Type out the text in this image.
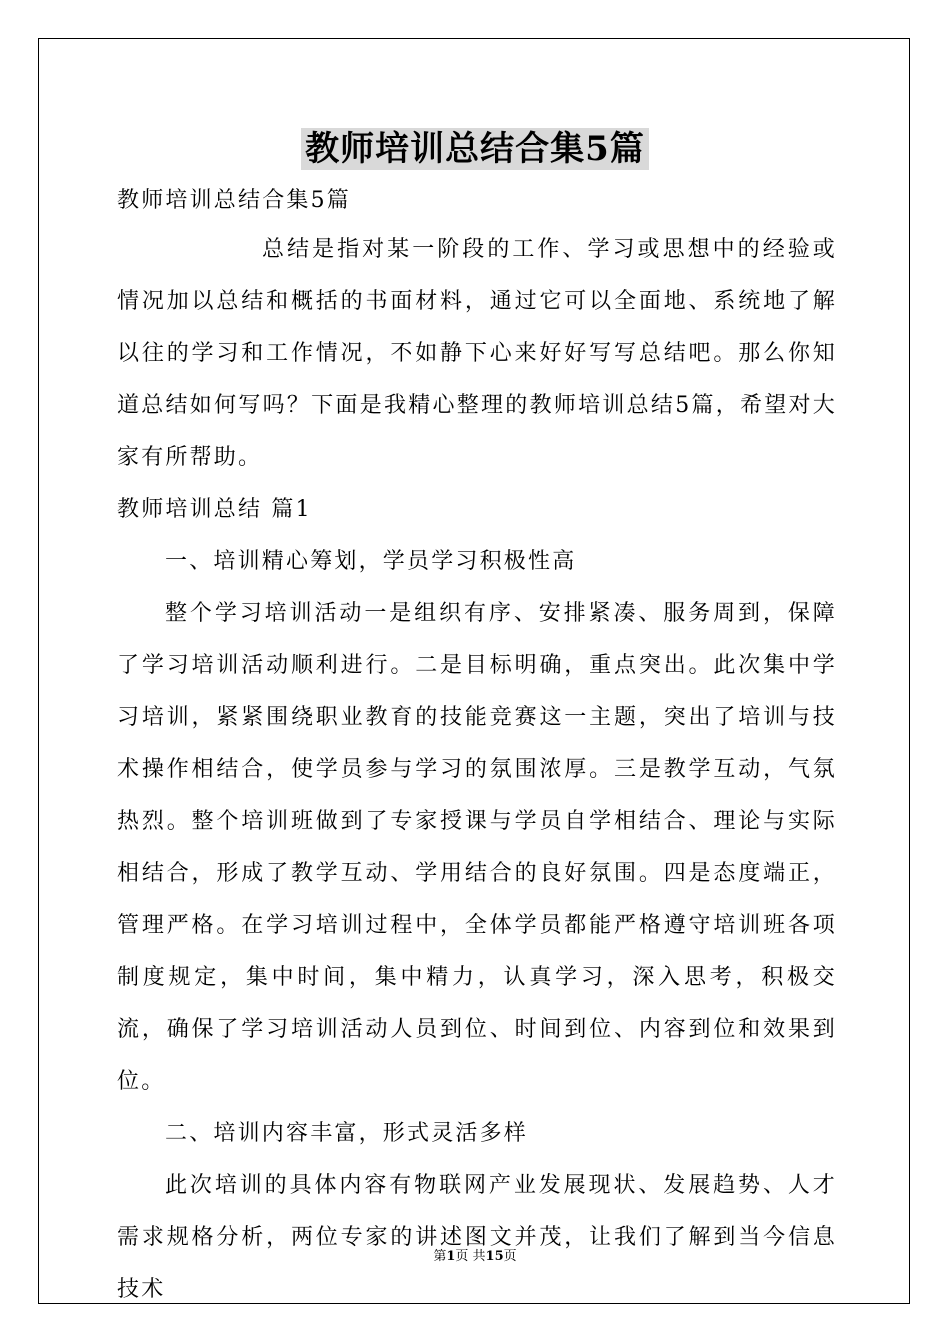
教师培训总结合集5篇

教师培训总结合集5篇

总结是指对某一阶段的工作、学习或思想中的经验或情况加以总结和概括的书面材料，通过它可以全面地、系统地了解以往的学习和工作情况，不如静下心来好好写写总结吧。那么你知道总结如何写吗？下面是我精心整理的教师培训总结5篇，希望对大家有所帮助。

教师培训总结 篇1

一、培训精心筹划，学员学习积极性高

整个学习培训活动一是组织有序、安排紧凑、服务周到，保障了学习培训活动顺利进行。二是目标明确，重点突出。此次集中学习培训，紧紧围绕职业教育的技能竞赛这一主题，突出了培训与技术操作相结合，使学员参与学习的氛围浓厚。三是教学互动，气氛热烈。整个培训班做到了专家授课与学员自学相结合、理论与实际相结合，形成了教学互动、学用结合的良好氛围。四是态度端正，管理严格。在学习培训过程中，全体学员都能严格遵守培训班各项制度规定，集中时间，集中精力，认真学习，深入思考，积极交流，确保了学习培训活动人员到位、时间到位、内容到位和效果到位。

二、培训内容丰富，形式灵活多样

此次培训的具体内容有物联网产业发展现状、发展趋势、人才需求规格分析，两位专家的讲述图文并茂，让我们了解到当今信息技术

第1页 共15页
